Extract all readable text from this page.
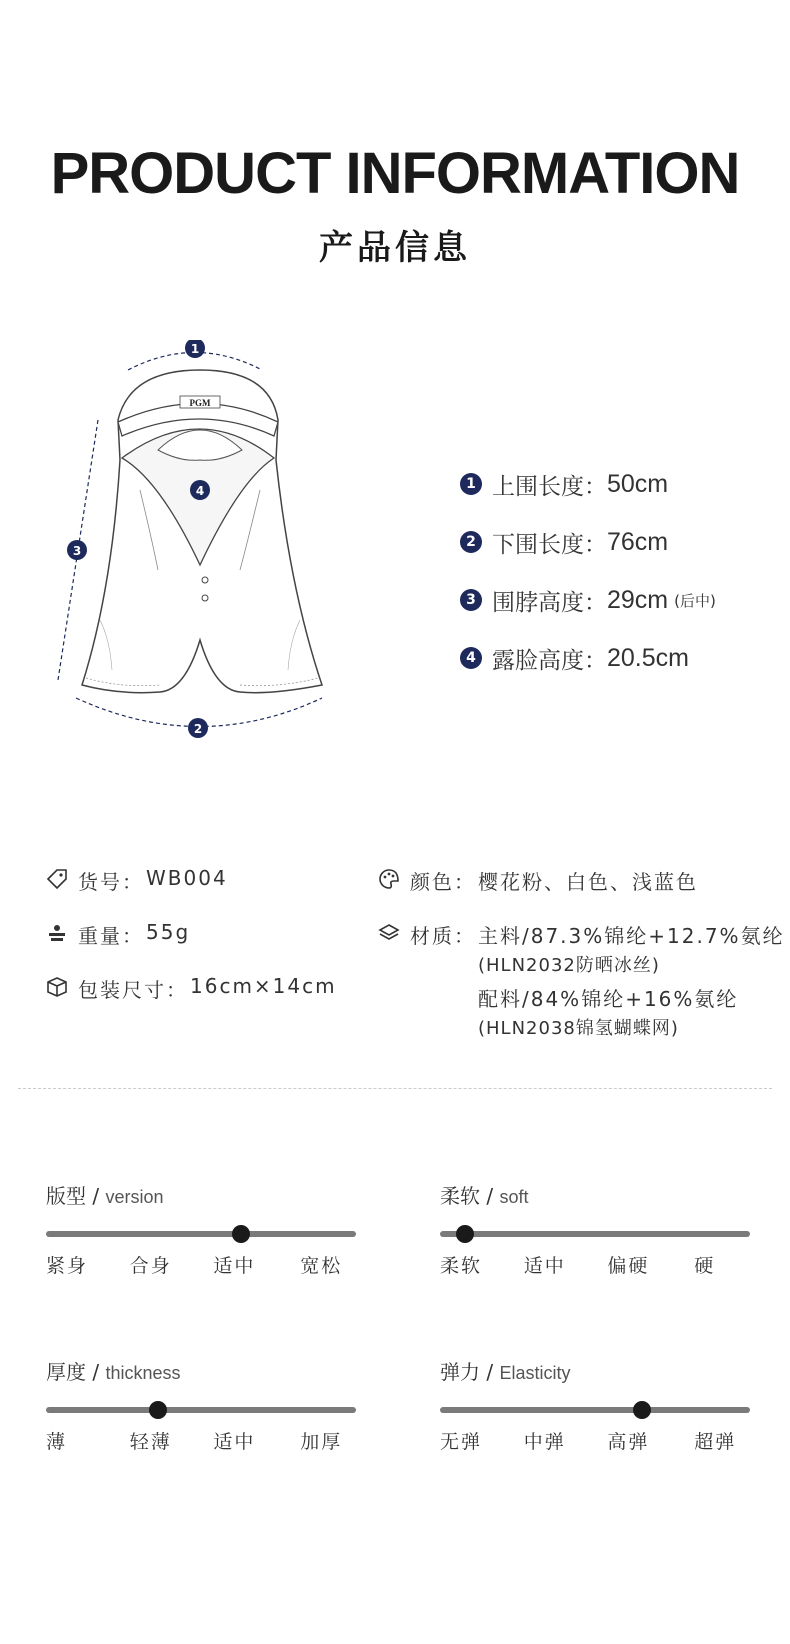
PRODUCT INFORMATION
产品信息
PGM
1
2
3
4	1 上围长度： 50cm
2 下围长度： 76cm
3 围脖高度： 29cm (后中)
4 露脸高度： 20.5cm
货号： WB004
重量： 55g
包装尺寸： 16cm×14cm
颜色： 樱花粉、白色、浅蓝色
材质： 主料/87.3%锦纶+12.7%氨纶
(HLN2032防晒冰丝)
配料/84%锦纶+16%氨纶
(HLN2038锦氢蝴蝶网)
版型 / version
紧身 合身 适中 宽松
柔软 / soft
柔软 适中 偏硬 硬
厚度 / thickness
薄	轻薄 适中 加厚
弹力 / Elasticity
无弹 中弹 高弹 超弹
